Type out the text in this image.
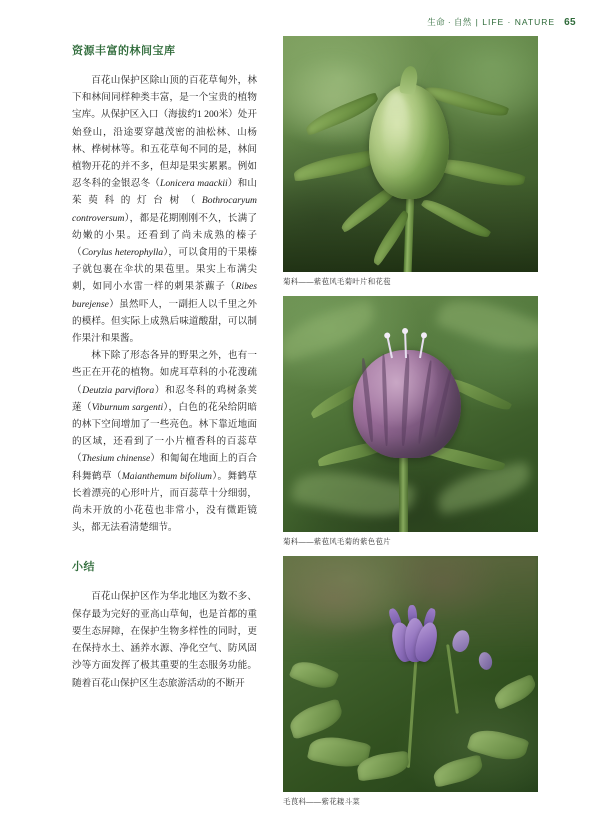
生命 · 自然 | LIFE · NATURE 65
资源丰富的林间宝库

百花山保护区除山顶的百花草甸外，林下和林间同样种类丰富，是一个宝贵的植物宝库。从保护区入口（海拔约1 200米）处开始登山，沿途要穿越茂密的油松林、山杨林、桦树林等。和五花草甸不同的是，林间植物开花的并不多，但却是果实累累。例如忍冬科的金银忍冬（Lonicera maackii）和山茱萸科的灯台树（Bothrocaryum controversum），都是花期刚刚不久，长满了幼嫩的小果。还看到了尚未成熟的榛子（Corylus heterophylla），可以食用的干果榛子就包裹在伞状的果苞里。果实上布满尖刺，如同小水雷一样的刺果茶藨子（Ribes burejense）虽然吓人，一副拒人以千里之外的模样。但实际上成熟后味道酸甜，可以制作果汁和果酱。

林下除了形态各异的野果之外，也有一些正在开花的植物。如虎耳草科的小花溲疏（Deutzia parviflora）和忍冬科的鸡树条荚蒾（Viburnum sargenti），白色的花朵给阴暗的林下空间增加了一些亮色。林下靠近地面的区域，还看到了一小片檀香科的百蕊草（Thesium chinense）和匍匐在地面上的百合科舞鹤草（Maianthemum bifolium）。舞鹤草长着漂亮的心形叶片，而百蕊草十分细弱，尚未开放的小花苞也非常小，没有微距镜头，都无法看清楚细节。

小结

百花山保护区作为华北地区为数不多、保存最为完好的亚高山草甸，也是首都的重要生态屏障，在保护生物多样性的同时，更在保持水土、涵养水源、净化空气、防风固沙等方面发挥了极其重要的生态服务功能。随着百花山保护区生态旅游活动的不断开

菊科——紫苞风毛菊叶片和花苞
菊科——紫苞风毛菊的紫色苞片
毛茛科——紫花耧斗菜
